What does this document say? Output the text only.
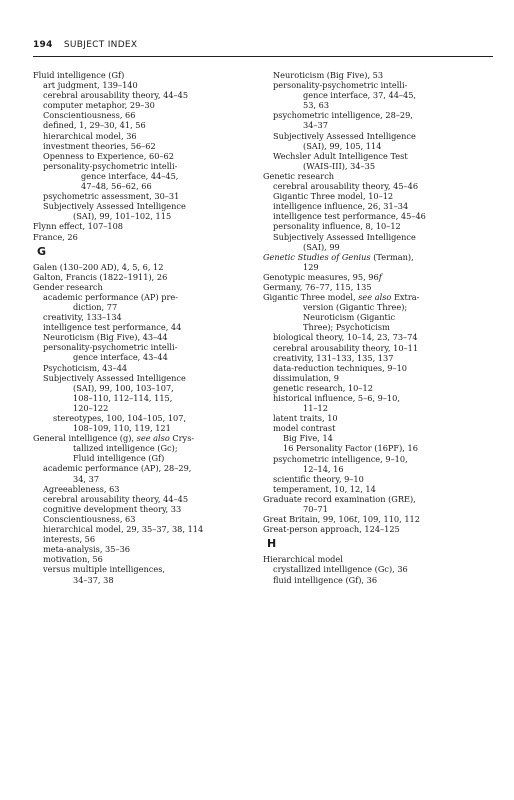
194 SUBJECT INDEX
Fluid intelligence (Gf)
art judgment, 139–140
cerebral arousability theory, 44–45
computer metaphor, 29–30
Conscientiousness, 66
defined, 1, 29–30, 41, 56
hierarchical model, 36
investment theories, 56–62
Openness to Experience, 60–62
personality-psychometric intelli-
gence interface, 44–45,
47–48, 56–62, 66
psychometric assessment, 30–31
Subjectively Assessed Intelligence
(SAI), 99, 101–102, 115
Flynn effect, 107–108
France, 26
G
Galen (130–200 AD), 4, 5, 6, 12
Galton, Francis (1822–1911), 26
Gender research
academic performance (AP) pre-
diction, 77
creativity, 133–134
intelligence test performance, 44
Neuroticism (Big Five), 43–44
personality-psychometric intelli-
gence interface, 43–44
Psychoticism, 43–44
Subjectively Assessed Intelligence
(SAI), 99, 100, 103–107,
108–110, 112–114, 115,
120–122
stereotypes, 100, 104–105, 107,
108–109, 110, 119, 121
General intelligence (g), see also Crys-
tallized intelligence (Gc);
Fluid intelligence (Gf)
academic performance (AP), 28–29,
34, 37
Agreeableness, 63
cerebral arousability theory, 44–45
cognitive development theory, 33
Conscientiousness, 63
hierarchical model, 29, 35–37, 38, 114
interests, 56
meta-analysis, 35–36
motivation, 56
versus multiple intelligences,
34–37, 38
Neuroticism (Big Five), 53
personality-psychometric intelli-
gence interface, 37, 44–45,
53, 63
psychometric intelligence, 28–29,
34–37
Subjectively Assessed Intelligence
(SAI), 99, 105, 114
Wechsler Adult Intelligence Test
(WAIS-III), 34–35
Genetic research
cerebral arousability theory, 45–46
Gigantic Three model, 10–12
intelligence influence, 26, 31–34
intelligence test performance, 45–46
personality influence, 8, 10–12
Subjectively Assessed Intelligence
(SAI), 99
Genetic Studies of Genius (Terman),
129
Genotypic measures, 95, 96f
Germany, 76–77, 115, 135
Gigantic Three model, see also Extra-
version (Gigantic Three);
Neuroticism (Gigantic
Three); Psychoticism
biological theory, 10–14, 23, 73–74
cerebral arousability theory, 10–11
creativity, 131–133, 135, 137
data-reduction techniques, 9–10
dissimulation, 9
genetic research, 10–12
historical influence, 5–6, 9–10,
11–12
latent traits, 10
model contrast
Big Five, 14
16 Personality Factor (16PF), 16
psychometric intelligence, 9–10,
12–14, 16
scientific theory, 9–10
temperament, 10, 12, 14
Graduate record examination (GRE),
70–71
Great Britain, 99, 106t, 109, 110, 112
Great-person approach, 124–125
H
Hierarchical model
crystallized intelligence (Gc), 36
fluid intelligence (Gf), 36
